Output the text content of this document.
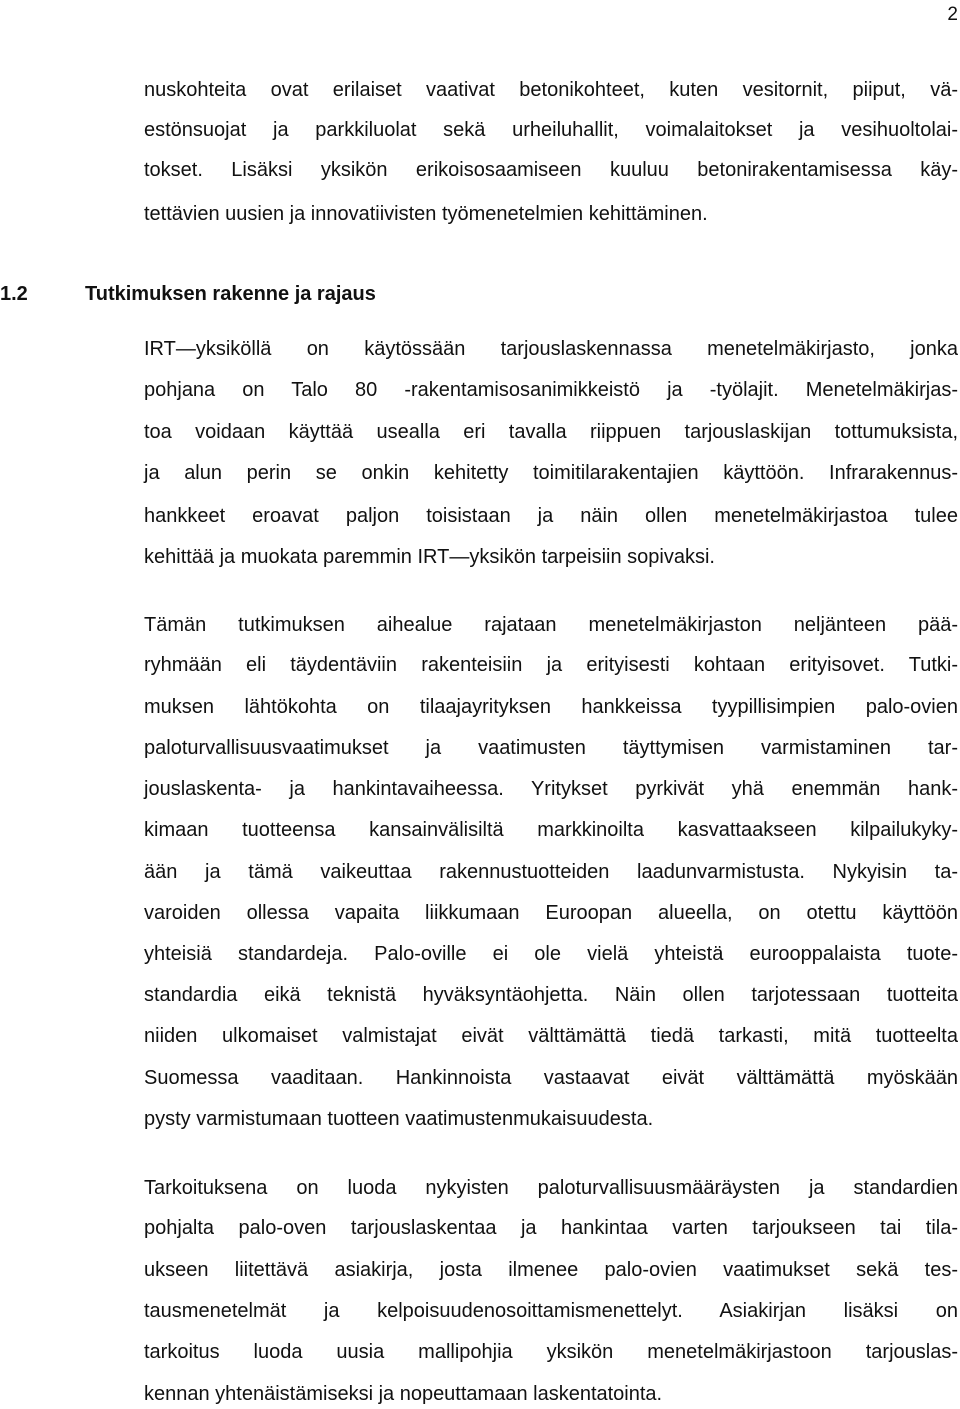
2
nuskohteita ovat erilaiset vaativat betonikohteet, kuten vesitornit, piiput, vä-
estönsuojat ja parkkiluolat sekä urheiluhallit, voimalaitokset ja vesihuoltolai-
tokset. Lisäksi yksikön erikoisosaamiseen kuuluu betonirakentamisessa käy-
tettävien uusien ja innovatiivisten työmenetelmien kehittäminen.
1.2	Tutkimuksen rakenne ja rajaus
IRT—yksiköllä on käytössään tarjouslaskennassa menetelmäkirjasto, jonka
pohjana on Talo 80 -rakentamisosanimikkeistö ja -työlajit. Menetelmäkirjas-
toa voidaan käyttää usealla eri tavalla riippuen tarjouslaskijan tottumuksista,
ja alun perin se onkin kehitetty toimitilarakentajien käyttöön. Infrarakennus-
hankkeet eroavat paljon toisistaan ja näin ollen menetelmäkirjastoa tulee
kehittää ja muokata paremmin IRT—yksikön tarpeisiin sopivaksi.
Tämän tutkimuksen aihealue rajataan menetelmäkirjaston neljänteen pää-
ryhmään eli täydentäviin rakenteisiin ja erityisesti kohtaan erityisovet. Tutki-
muksen lähtökohta on tilaajayrityksen hankkeissa tyypillisimpien palo-ovien
paloturvallisuusvaatimukset ja vaatimusten täyttymisen varmistaminen tar-
jouslaskenta- ja hankintavaiheessa. Yritykset pyrkivät yhä enemmän hank-
kimaan tuotteensa kansainvälisiltä markkinoilta kasvattaakseen kilpailukyky-
ään ja tämä vaikeuttaa rakennustuotteiden laadunvarmistusta. Nykyisin ta-
varoiden ollessa vapaita liikkumaan Euroopan alueella, on otettu käyttöön
yhteisiä standardeja. Palo-oville ei ole vielä yhteistä eurooppalaista tuote-
standardia eikä teknistä hyväksyntäohjetta. Näin ollen tarjotessaan tuotteita
niiden ulkomaiset valmistajat eivät välttämättä tiedä tarkasti, mitä tuotteelta
Suomessa vaaditaan. Hankinnoista vastaavat eivät välttämättä myöskään
pysty varmistumaan tuotteen vaatimustenmukaisuudesta.
Tarkoituksena on luoda nykyisten paloturvallisuusmääräysten ja standardien
pohjalta palo-oven tarjouslaskentaa ja hankintaa varten tarjoukseen tai tila-
ukseen liitettävä asiakirja, josta ilmenee palo-ovien vaatimukset sekä tes-
tausmenetelmät ja kelpoisuudenosoittamismenettelyt. Asiakirjan lisäksi on
tarkoitus luoda uusia mallipohjia yksikön menetelmäkirjastoon tarjouslas-
kennan yhtenäistämiseksi ja nopeuttamaan laskentatointa.
